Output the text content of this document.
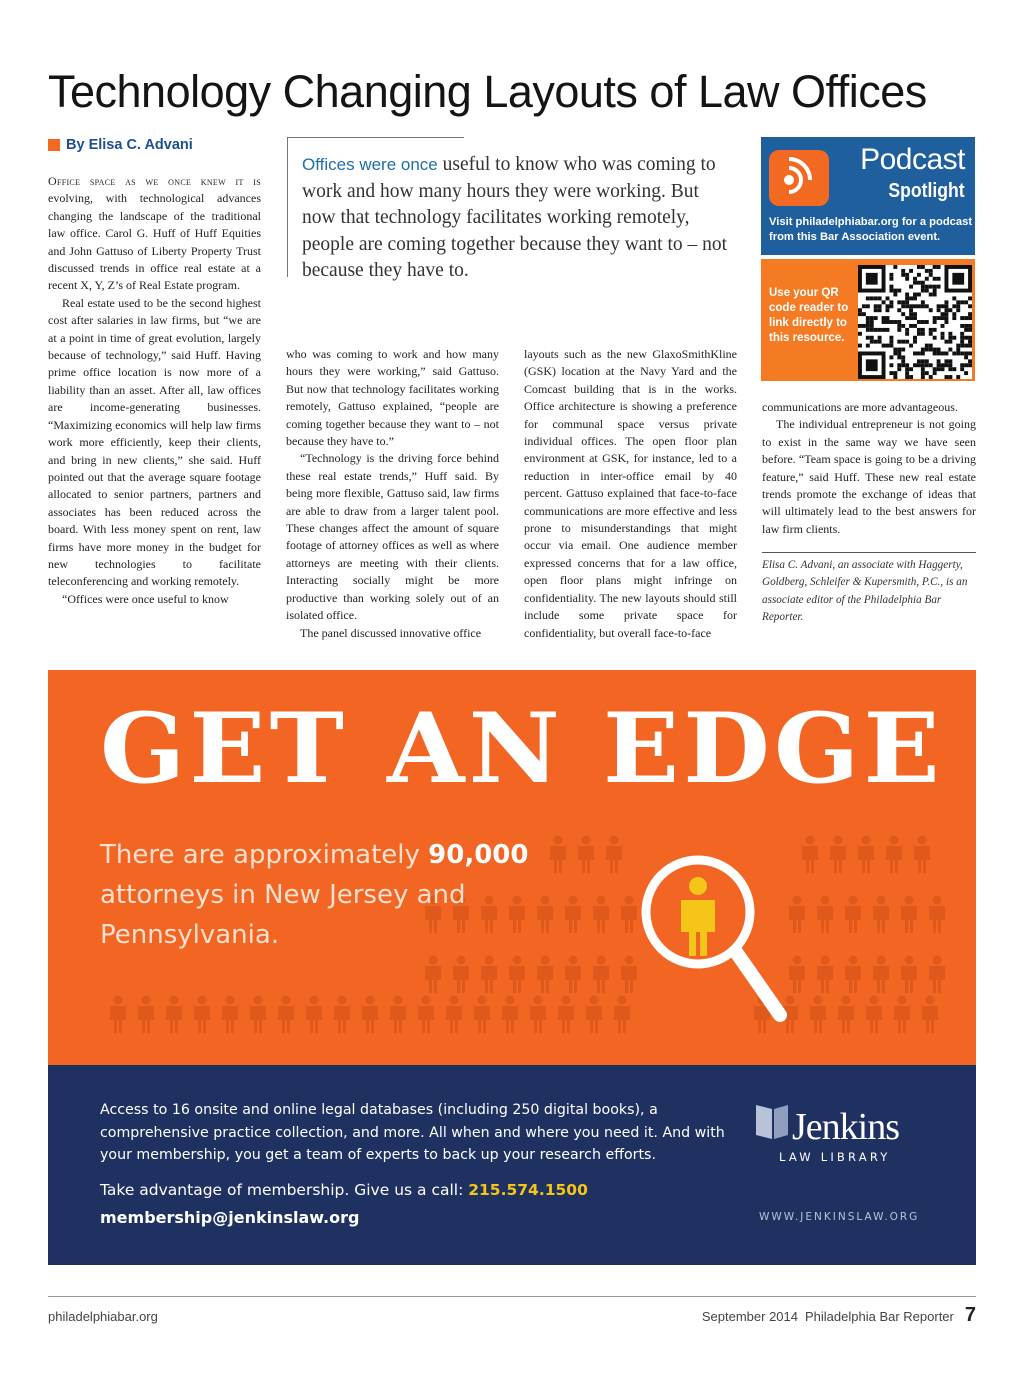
Technology Changing Layouts of Law Offices
By Elisa C. Advani

Office space as we once knew it is evolving, with technological advances changing the landscape of the traditional law office. Carol G. Huff of Huff Equities and John Gattuso of Liberty Property Trust discussed trends in office real estate at a recent X, Y, Z’s of Real Estate program.

Real estate used to be the second highest cost after salaries in law firms, but “we are at a point in time of great evolution, largely because of technology,” said Huff. Having prime office location is now more of a liability than an asset. After all, law offices are income-generating businesses. “Maximizing economics will help law firms work more efficiently, keep their clients, and bring in new clients,” she said. Huff pointed out that the average square footage allocated to senior partners, partners and associates has been reduced across the board. With less money spent on rent, law firms have more money in the budget for new technologies to facilitate teleconferencing and working remotely.

“Offices were once useful to know

Offices were once useful to know who was coming to work and how many hours they were working. But now that technology facilitates working remotely, people are coming together because they want to – not because they have to.

who was coming to work and how many hours they were working,” said Gattuso. But now that technology facilitates working remotely, Gattuso explained, “people are coming together because they want to – not because they have to.”

“Technology is the driving force behind these real estate trends,” Huff said. By being more flexible, Gattuso said, law firms are able to draw from a larger talent pool. These changes affect the amount of square footage of attorney offices as well as where attorneys are meeting with their clients. Interacting socially might be more productive than working solely out of an isolated office.

The panel discussed innovative office

layouts such as the new GlaxoSmithKline (GSK) location at the Navy Yard and the Comcast building that is in the works. Office architecture is showing a preference for communal space versus private individual offices. The open floor plan environment at GSK, for instance, led to a reduction in inter-office email by 40 percent. Gattuso explained that face-to-face communications are more effective and less prone to misunderstandings that might occur via email. One audience member expressed concerns that for a law office, open floor plans might infringe on confidentiality. The new layouts should still include some private space for confidentiality, but overall face-to-face

Podcast
Spotlight
Visit philadelphiabar.org for a podcast from this Bar Association event.
Use your QR code reader to link directly to this resource.

communications are more advantageous.

The individual entrepreneur is not going to exist in the same way we have seen before. “Team space is going to be a driving feature,” said Huff. These new real estate trends promote the exchange of ideas that will ultimately lead to the best answers for law firm clients.

Elisa C. Advani, an associate with Haggerty, Goldberg, Schleifer & Kupersmith, P.C., is an associate editor of the Philadelphia Bar Reporter.
GET AN EDGE
There are approximately 90,000 attorneys in New Jersey and Pennsylvania.
Access to 16 onsite and online legal databases (including 250 digital books), a comprehensive practice collection, and more. All when and where you need it. And with your membership, you get a team of experts to back up your research efforts.
Take advantage of membership. Give us a call: 215.574.1500
membership@jenkinslaw.org
Jenkins
LAW LIBRARY
WWW.JENKINSLAW.ORG
philadelphiabar.org	September 2014 Philadelphia Bar Reporter 7
